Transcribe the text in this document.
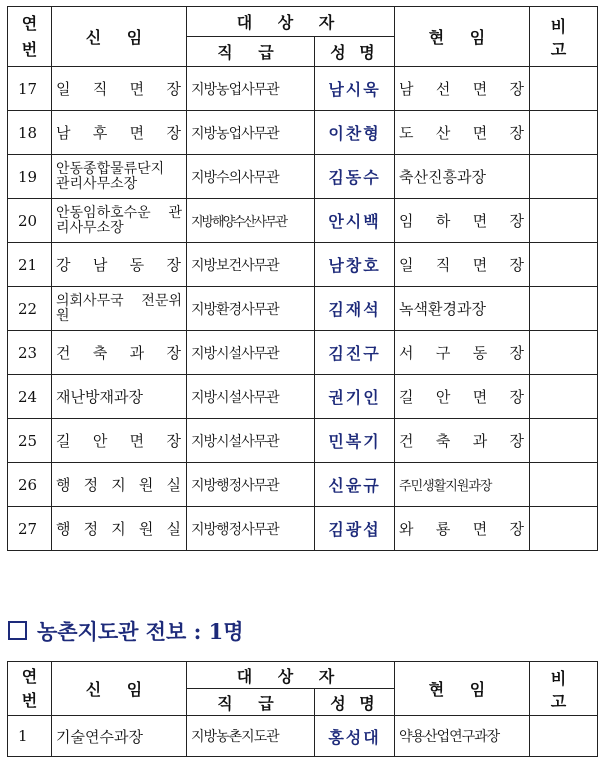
연 번	신 임	대 상 자		현 임	비 고
		직 급	성 명		
17	일 직 면 장	지방농업사무관	남시욱	남 선 면 장	
18	남 후 면 장	지방농업사무관	이찬형	도 산 면 장	
19	안동종합물류단지 관리사무소장	지방수의사무관	김동수	축산진흥과장	
20	안동임하호수운 관리사무소장	지방해양수산사무관	안시백	임 하 면 장	
21	강 남 동 장	지방보건사무관	남창호	일 직 면 장	
22	의회사무국 전문위원	지방환경사무관	김재석	녹색환경과장	
23	건 축 과 장	지방시설사무관	김진구	서 구 동 장	
24	재난방재과장	지방시설사무관	권기인	길 안 면 장	
25	길 안 면 장	지방시설사무관	민복기	건 축 과 장	
26	행 정 지 원 실	지방행정사무관	신윤규	주민생활지원과장	
27	행 정 지 원 실	지방행정사무관	김광섭	와 룡 면 장	
농촌지도관 전보 : 1명
연 번	신 임	대 상 자		현 임	비 고
		직 급	성 명		
1	기술연수과장	지방농촌지도관	홍성대	약용산업연구과장	
